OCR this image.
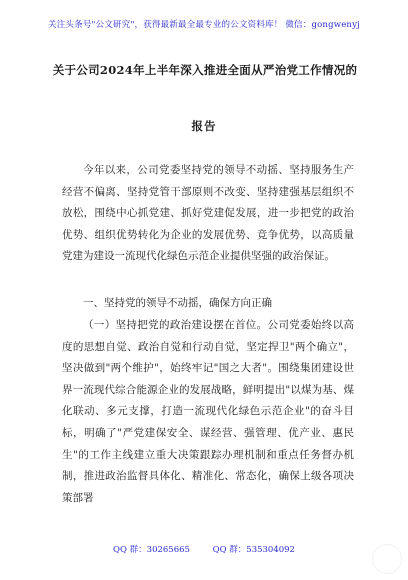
关注头条号"公文研究"，获得最新最全最专业的公文资料库！ 微信：gongwenyj
关于公司2024年上半年深入推进全面从严治党工作情况的
报告
今年以来，公司党委坚持党的领导不动摇、坚持服务生产经营不偏离、坚持党管干部原则不改变、坚持建强基层组织不放松，围绕中心抓党建、抓好党建促发展，进一步把党的政治优势、组织优势转化为企业的发展优势、竞争优势，以高质量党建为建设一流现代化绿色示范企业提供坚强的政治保证。
一、坚持党的领导不动摇，确保方向正确
（一）坚持把党的政治建设摆在首位。公司党委始终以高度的思想自觉、政治自觉和行动自觉，坚定捍卫"两个确立"，坚决做到"两个维护"，始终牢记"国之大者"。围绕集团建设世界一流现代综合能源企业的发展战略，鲜明提出"以煤为基、煤化联动、多元支撑，打造一流现代化绿色示范企业"的奋斗目标，明确了"严党建保安全、谋经营、强管理、优产业、惠民生"的工作主线建立重大决策跟踪办理机制和重点任务督办机制，推进政治监督具体化、精准化、常态化，确保上级各项决策部署
QQ 群：30265665	QQ 群：535304092
